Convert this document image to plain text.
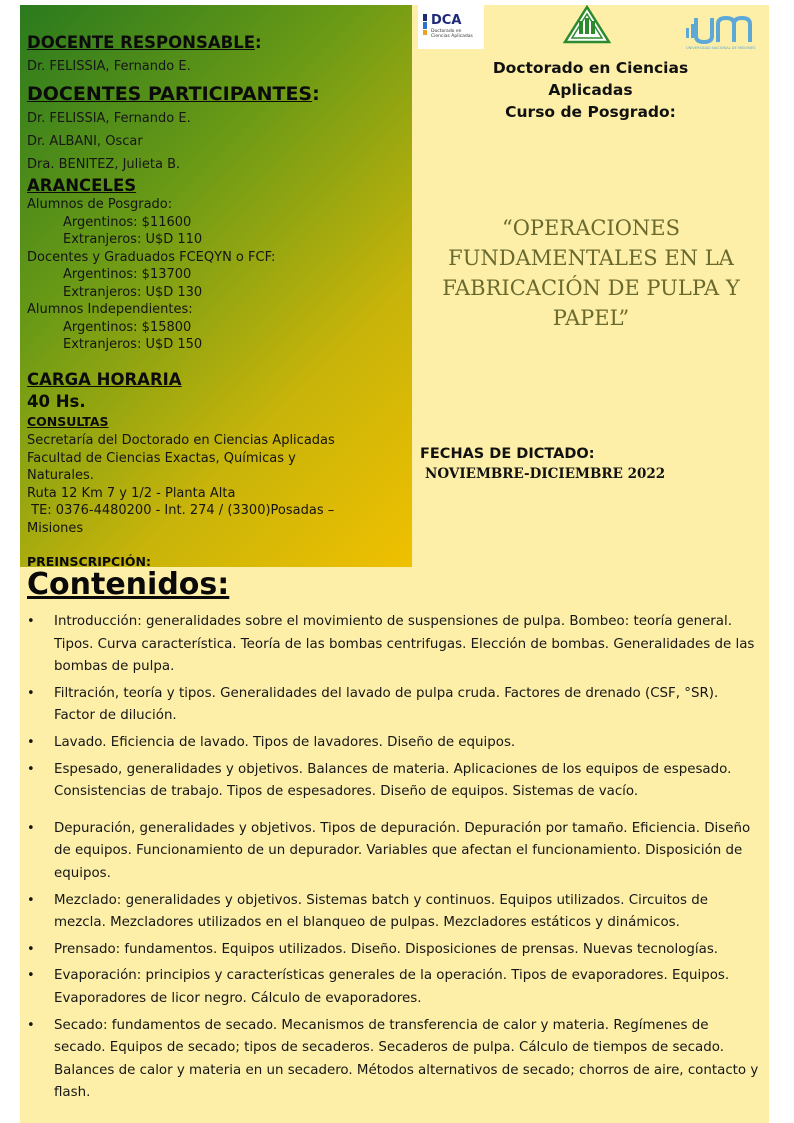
DOCENTE RESPONSABLE:
Dr. FELISSIA, Fernando E.
DOCENTES PARTICIPANTES:
Dr. FELISSIA, Fernando E.
Dr. ALBANI, Oscar
Dra. BENITEZ, Julieta B.
ARANCELES
Alumnos de Posgrado:
Argentinos: $11600
Extranjeros: U$D 110
Docentes y Graduados FCEQYN o FCF:
Argentinos: $13700
Extranjeros: U$D 130
Alumnos Independientes:
Argentinos: $15800
Extranjeros: U$D 150
CARGA HORARIA
40 Hs.
CONSULTAS
Secretaría del Doctorado en Ciencias Aplicadas
Facultad de Ciencias Exactas, Químicas y
Naturales.
Ruta 12 Km 7 y 1/2 - Planta Alta
TE: 0376-4480200 - Int. 274 / (3300)Posadas –
Misiones
PREINSCRIPCIÓN:
DCA
Doctorado en
Ciencias Aplicadas
UNIVERSIDAD NACIONAL DE MISIONES
Doctorado en Ciencias
Aplicadas
Curso de Posgrado:
“OPERACIONES
FUNDAMENTALES EN LA
FABRICACIÓN DE PULPA Y
PAPEL”
FECHAS DE DICTADO:
NOVIEMBRE-DICIEMBRE 2022
Contenidos:
• Introducción: generalidades sobre el movimiento de suspensiones de pulpa. Bombeo: teoría general. Tipos. Curva característica. Teoría de las bombas centrifugas. Elección de bombas. Generalidades de las bombas de pulpa.
• Filtración, teoría y tipos. Generalidades del lavado de pulpa cruda. Factores de drenado (CSF, °SR). Factor de dilución.
• Lavado. Eficiencia de lavado. Tipos de lavadores. Diseño de equipos.
• Espesado, generalidades y objetivos. Balances de materia. Aplicaciones de los equipos de espesado. Consistencias de trabajo. Tipos de espesadores. Diseño de equipos. Sistemas de vacío.
• Depuración, generalidades y objetivos. Tipos de depuración. Depuración por tamaño. Eficiencia. Diseño de equipos. Funcionamiento de un depurador. Variables que afectan el funcionamiento. Disposición de equipos.
• Mezclado: generalidades y objetivos. Sistemas batch y continuos. Equipos utilizados. Circuitos de mezcla. Mezcladores utilizados en el blanqueo de pulpas. Mezcladores estáticos y dinámicos.
• Prensado: fundamentos. Equipos utilizados. Diseño. Disposiciones de prensas. Nuevas tecnologías.
• Evaporación: principios y características generales de la operación. Tipos de evaporadores. Equipos. Evaporadores de licor negro. Cálculo de evaporadores.
• Secado: fundamentos de secado. Mecanismos de transferencia de calor y materia. Regímenes de secado. Equipos de secado; tipos de secaderos. Secaderos de pulpa. Cálculo de tiempos de secado. Balances de calor y materia en un secadero. Métodos alternativos de secado; chorros de aire, contacto y flash.
